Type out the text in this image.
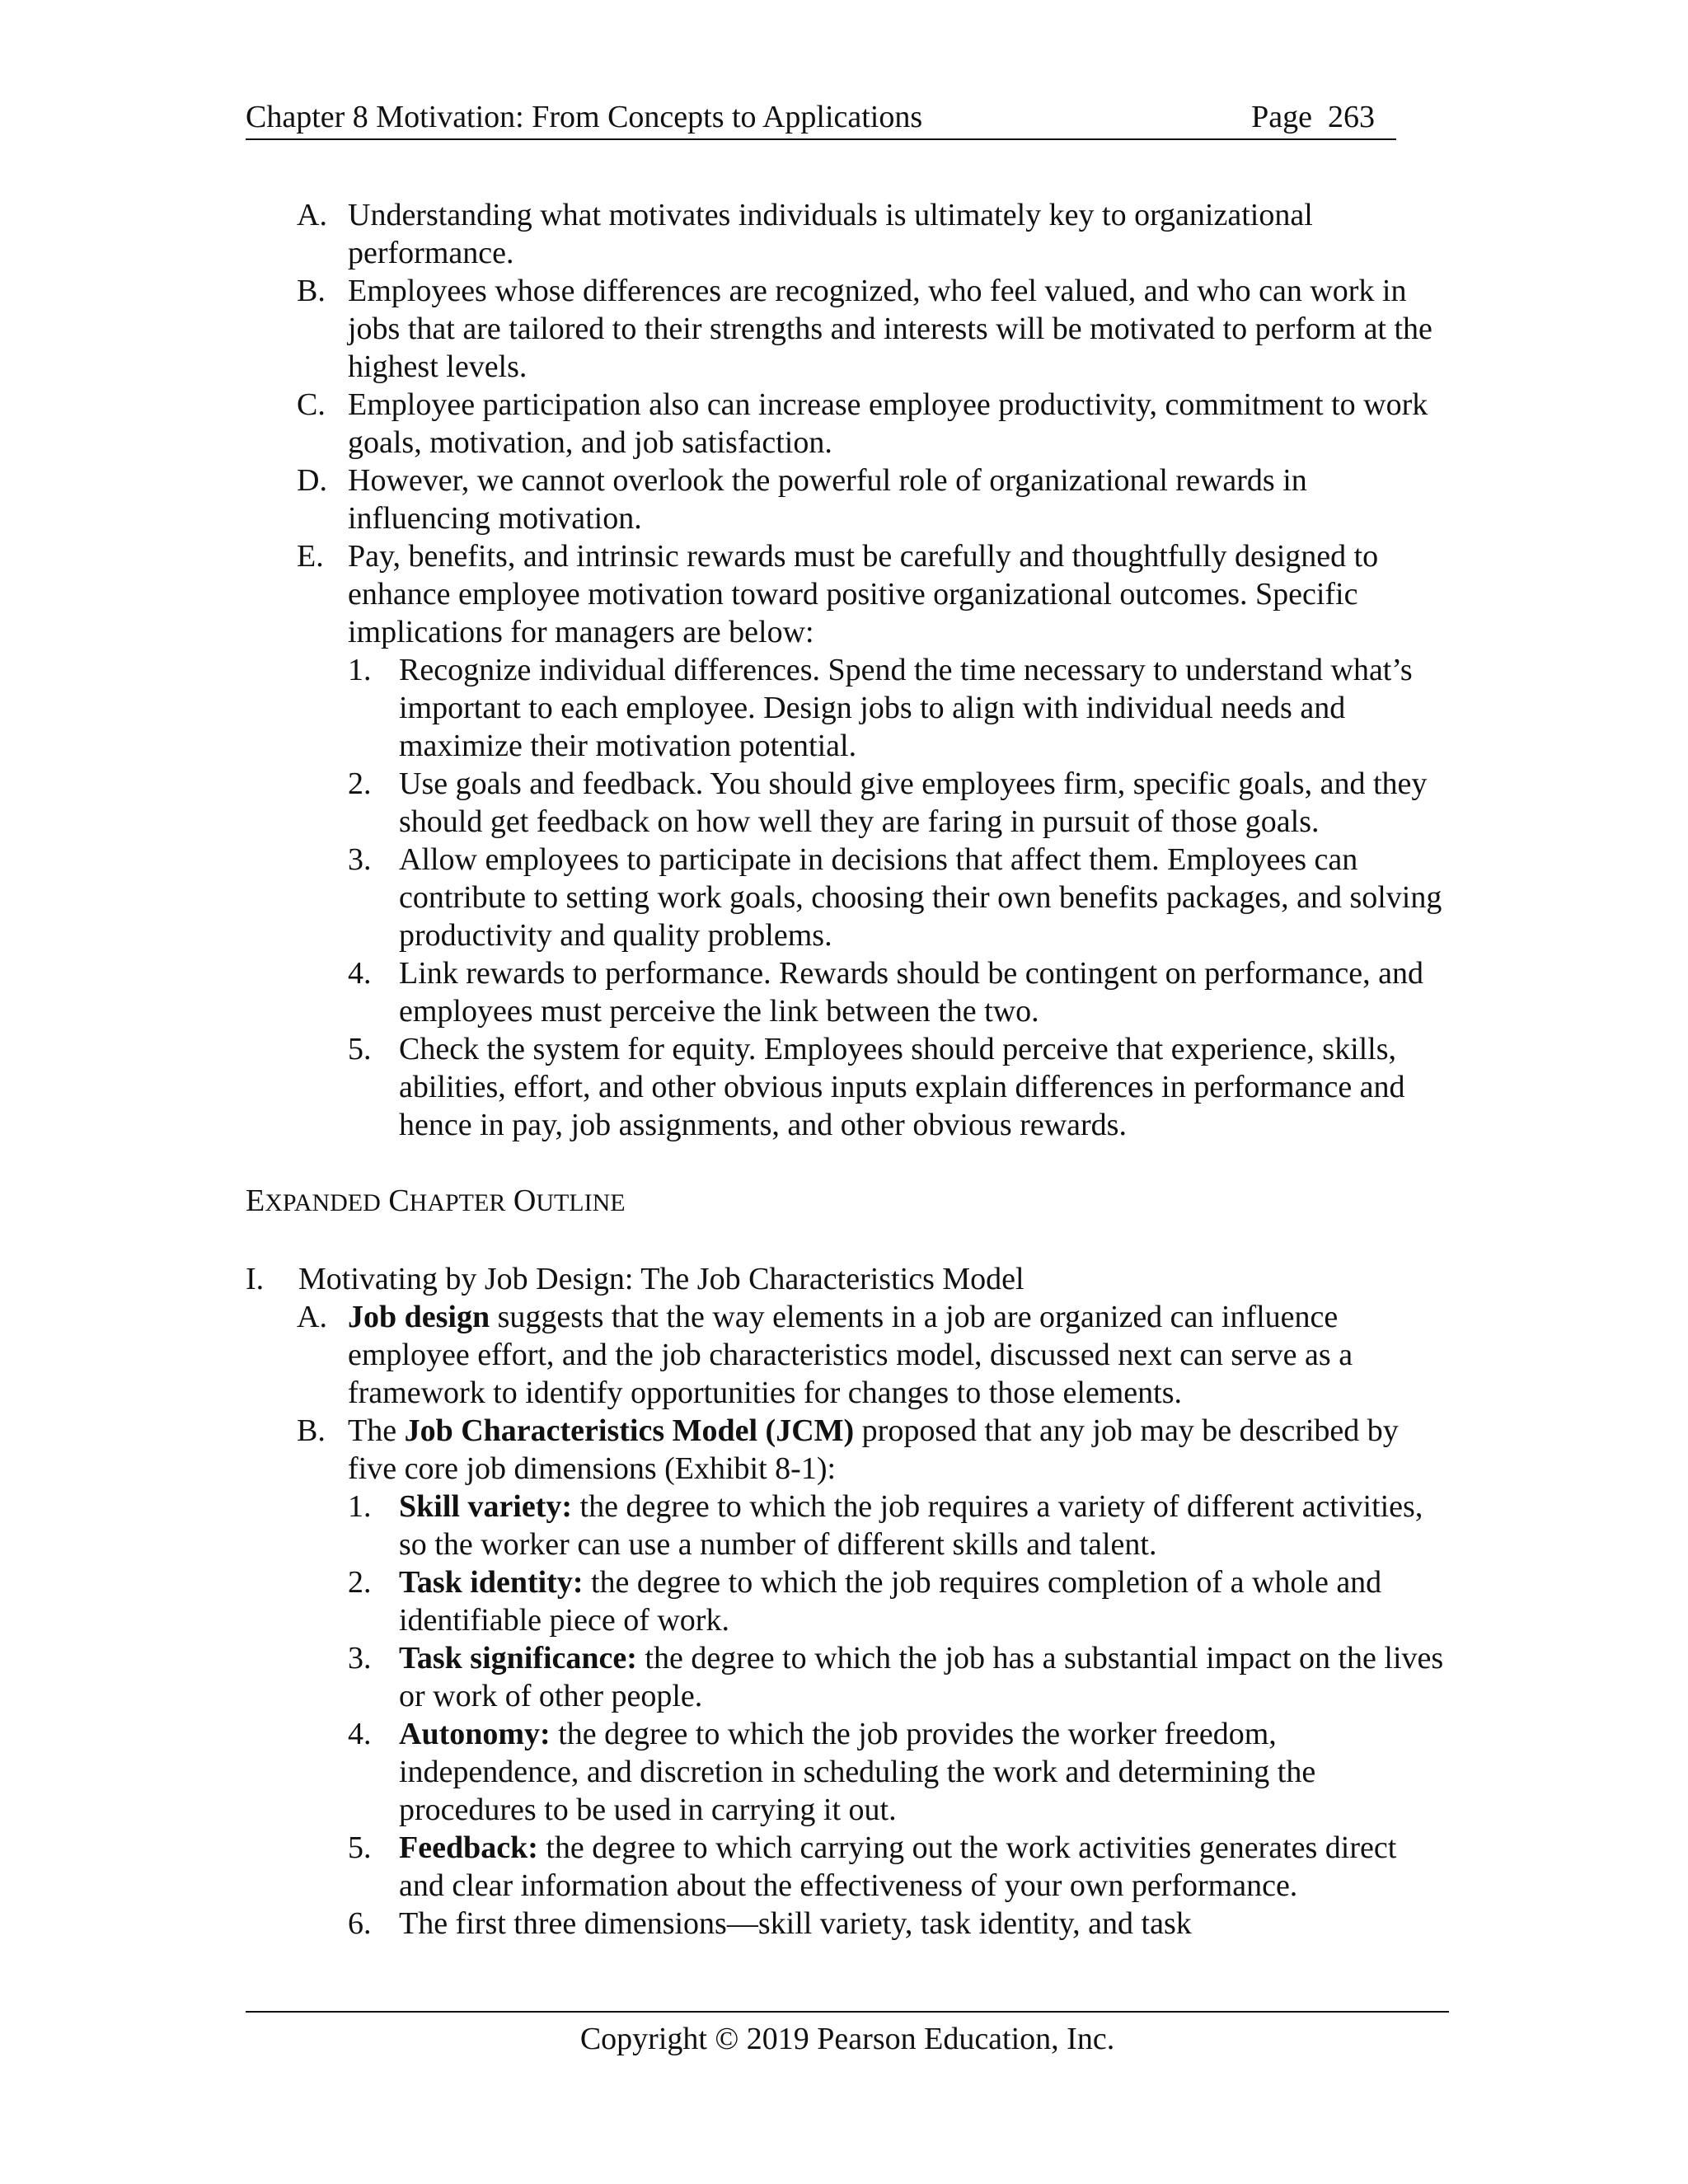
Chapter 8 Motivation: From Concepts to Applications	Page 263
A. Understanding what motivates individuals is ultimately key to organizational performance.
B. Employees whose differences are recognized, who feel valued, and who can work in jobs that are tailored to their strengths and interests will be motivated to perform at the highest levels.
C. Employee participation also can increase employee productivity, commitment to work goals, motivation, and job satisfaction.
D. However, we cannot overlook the powerful role of organizational rewards in influencing motivation.
E. Pay, benefits, and intrinsic rewards must be carefully and thoughtfully designed to enhance employee motivation toward positive organizational outcomes. Specific implications for managers are below:
1. Recognize individual differences. Spend the time necessary to understand what’s important to each employee. Design jobs to align with individual needs and maximize their motivation potential.
2. Use goals and feedback. You should give employees firm, specific goals, and they should get feedback on how well they are faring in pursuit of those goals.
3. Allow employees to participate in decisions that affect them. Employees can contribute to setting work goals, choosing their own benefits packages, and solving productivity and quality problems.
4. Link rewards to performance. Rewards should be contingent on performance, and employees must perceive the link between the two.
5. Check the system for equity. Employees should perceive that experience, skills, abilities, effort, and other obvious inputs explain differences in performance and hence in pay, job assignments, and other obvious rewards.
EXPANDED CHAPTER OUTLINE
I. Motivating by Job Design: The Job Characteristics Model
A. Job design suggests that the way elements in a job are organized can influence employee effort, and the job characteristics model, discussed next can serve as a framework to identify opportunities for changes to those elements.
B. The Job Characteristics Model (JCM) proposed that any job may be described by five core job dimensions (Exhibit 8-1):
1. Skill variety: the degree to which the job requires a variety of different activities, so the worker can use a number of different skills and talent.
2. Task identity: the degree to which the job requires completion of a whole and identifiable piece of work.
3. Task significance: the degree to which the job has a substantial impact on the lives or work of other people.
4. Autonomy: the degree to which the job provides the worker freedom, independence, and discretion in scheduling the work and determining the procedures to be used in carrying it out.
5. Feedback: the degree to which carrying out the work activities generates direct and clear information about the effectiveness of your own performance.
6. The first three dimensions—skill variety, task identity, and task
Copyright © 2019 Pearson Education, Inc.
